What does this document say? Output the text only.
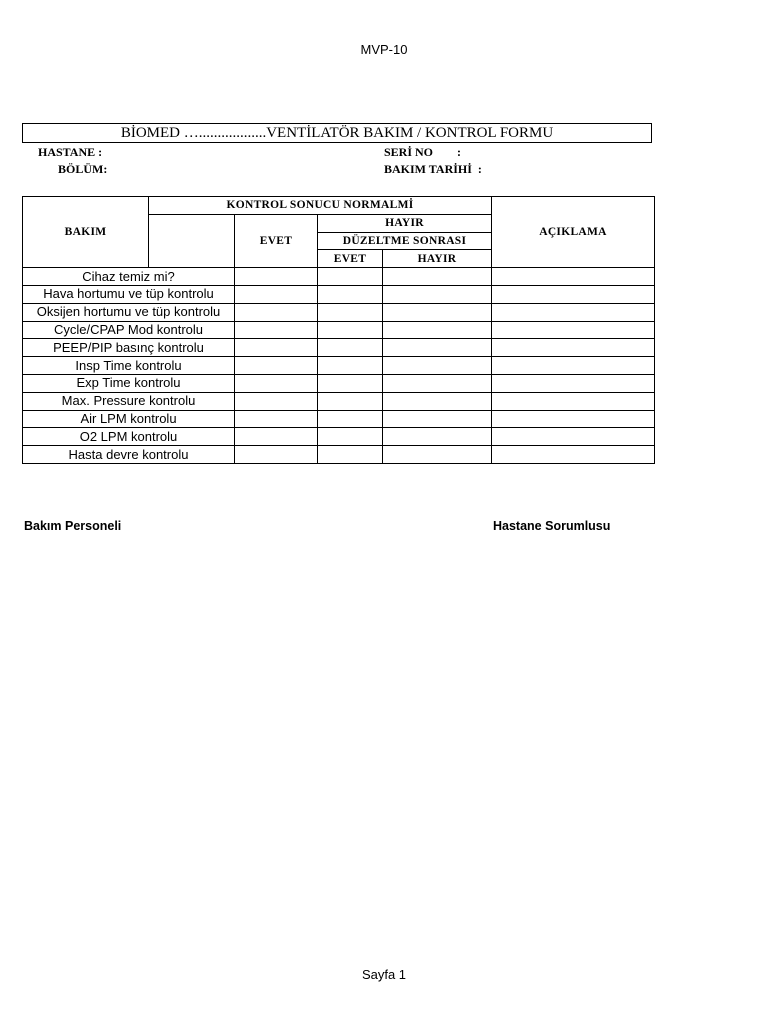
MVP-10
BİOMED …..................VENTİLATÖR BAKIM / KONTROL FORMU
HASTANE :
BÖLÜM:
SERİ NO        :
BAKIM TARİHİ  :
BAKIM	KONTROL SONUCU NORMALMİ				AÇIKLAMA
		EVET	HAYIR		
			DÜZELTME SONRASI		
			EVET	HAYIR	
Cihaz temiz mi?					
Hava hortumu ve tüp kontrolu					
Oksijen hortumu ve tüp kontrolu					
Cycle/CPAP Mod kontrolu					
PEEP/PIP basınç kontrolu					
Insp Time kontrolu					
Exp Time kontrolu					
Max. Pressure kontrolu					
Air LPM kontrolu					
O2 LPM kontrolu					
Hasta devre kontrolu					
Bakım Personeli	Hastane Sorumlusu
Sayfa 1
